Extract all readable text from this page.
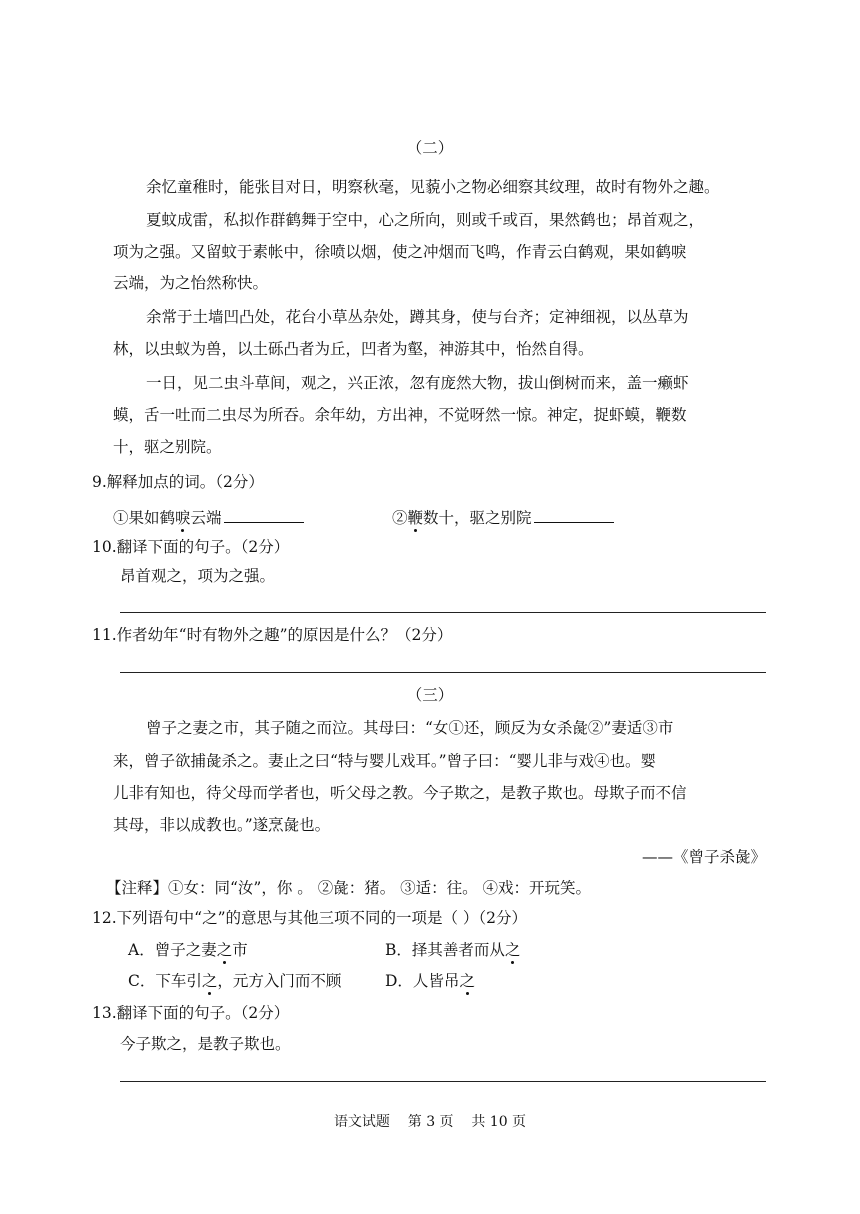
（二）
余忆童稚时，能张目对日，明察秋毫，见藐小之物必细察其纹理，故时有物外之趣。
夏蚊成雷，私拟作群鹤舞于空中，心之所向，则或千或百，果然鹤也；昂首观之，
项为之强。又留蚊于素帐中，徐喷以烟，使之冲烟而飞鸣，作青云白鹤观，果如鹤唳
云端，为之怡然称快。
余常于土墙凹凸处，花台小草丛杂处，蹲其身，使与台齐；定神细视，以丛草为
林，以虫蚁为兽，以土砾凸者为丘，凹者为壑，神游其中，怡然自得。
一日，见二虫斗草间，观之，兴正浓，忽有庞然大物，拔山倒树而来，盖一癞虾
蟆，舌一吐而二虫尽为所吞。余年幼，方出神，不觉呀然一惊。神定，捉虾蟆，鞭数
十，驱之别院。
9.解释加点的词。（2分）
①果如鹤唳云端	②鞭数十，驱之别院
10.翻译下面的句子。（2分）
昂首观之，项为之强。
11.作者幼年“时有物外之趣”的原因是什么？（2分）
（三）
曾子之妻之市，其子随之而泣。其母曰：“女①还，顾反为女杀彘②”妻适③市
来，曾子欲捕彘杀之。妻止之曰“特与婴儿戏耳。”曾子曰：“婴儿非与戏④也。婴
儿非有知也，待父母而学者也，听父母之教。今子欺之，是教子欺也。母欺子而不信
其母，非以成教也。”遂烹彘也。
——《曾子杀彘》
【注释】①女：同“汝”，你 。 ②彘：猪。 ③适：往。 ④戏：开玩笑。
12.下列语句中“之”的意思与其他三项不同的一项是（ ）（2分）
A．曾子之妻之市	B．择其善者而从之
C．下车引之，元方入门而不顾	D．人皆吊之
13.翻译下面的句子。（2分）
今子欺之，是教子欺也。
语文试题    第 3 页    共 10 页
